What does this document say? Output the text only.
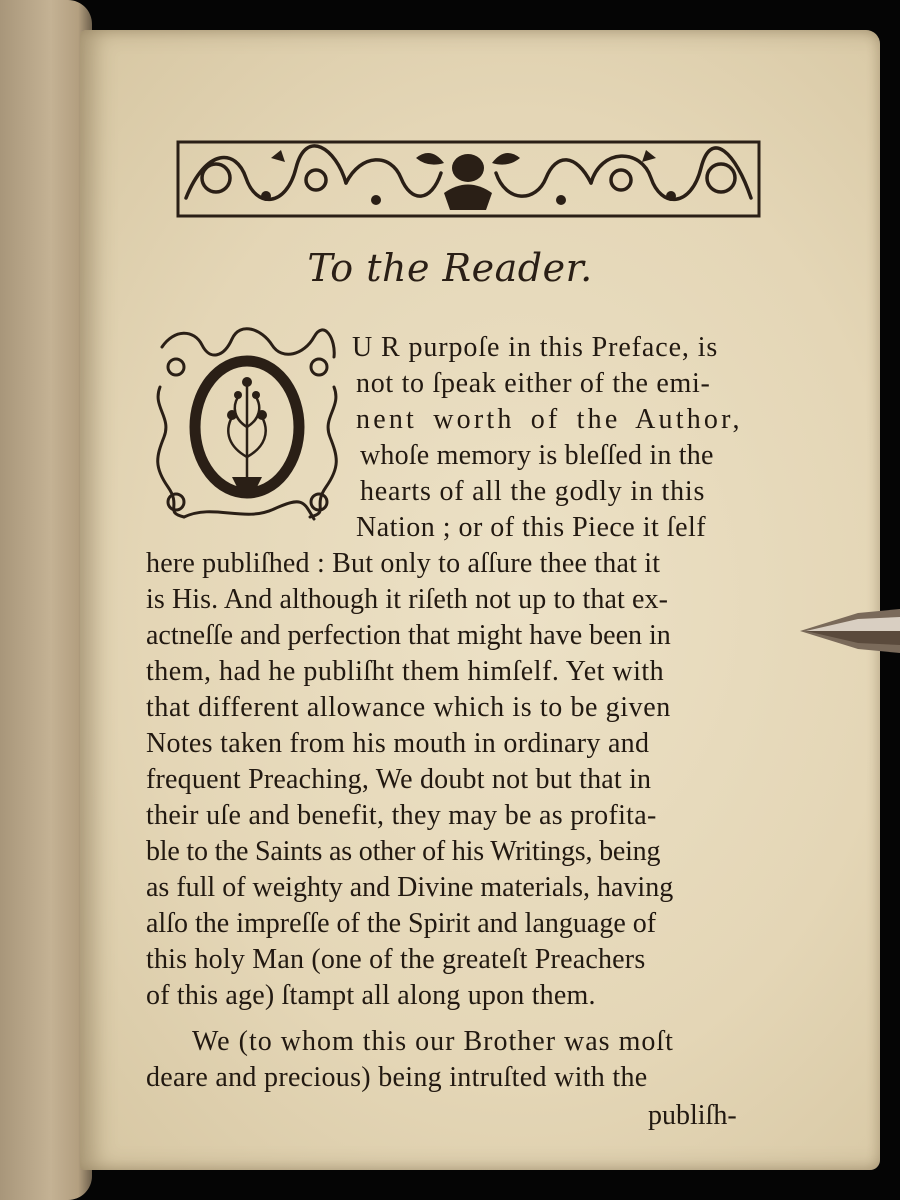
To the Reader.
U R purpoſe in this Preface, is
not to ſpeak either of the emi-
nent worth of the Author,
whoſe memory is bleſſed in the
hearts of all the godly in this
Nation ; or of this Piece it ſelf
here publiſhed : But only to aſſure thee that it
is His. And although it riſeth not up to that ex-
actneſſe and perfection that might have been in
them, had he publiſht them himſelf. Yet with
that different allowance which is to be given
Notes taken from his mouth in ordinary and
frequent Preaching, We doubt not but that in
their uſe and benefit, they may be as profita-
ble to the Saints as other of his Writings, being
as full of weighty and Divine materials, having
alſo the impreſſe of the Spirit and language of
this holy Man (one of the greateſt Preachers
of this age) ſtampt all along upon them.
We (to whom this our Brother was moſt
deare and precious) being intruſted with the
publiſh-
